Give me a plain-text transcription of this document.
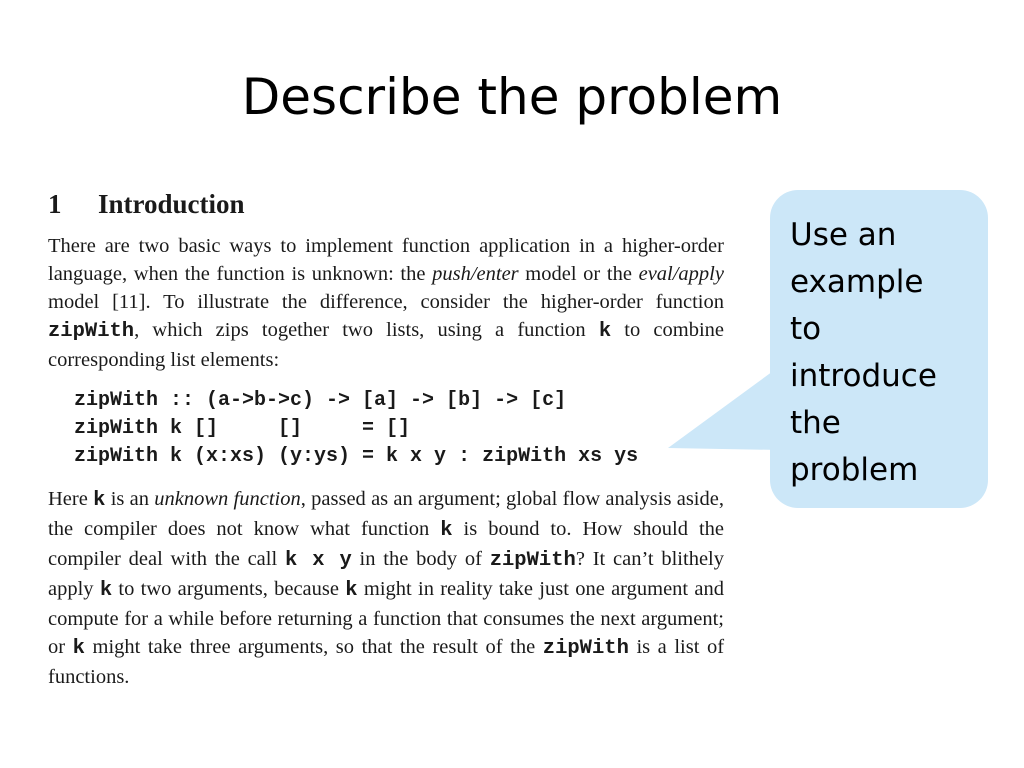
Describe the problem
1 Introduction

There are two basic ways to implement function application in a higher-order language, when the function is unknown: the push/enter model or the eval/apply model [11]. To illustrate the difference, consider the higher-order function zipWith, which zips together two lists, using a function k to combine corresponding list elements:

zipWith :: (a->b->c) -> [a] -> [b] -> [c]
zipWith k []     []     = []
zipWith k (x:xs) (y:ys) = k x y : zipWith xs ys

Here k is an unknown function, passed as an argument; global flow analysis aside, the compiler does not know what function k is bound to. How should the compiler deal with the call k x y in the body of zipWith? It can’t blithely apply k to two arguments, because k might in reality take just one argument and compute for a while before returning a function that consumes the next argument; or k might take three arguments, so that the result of the zipWith is a list of functions.

Use an
example
to
introduce
the
problem
